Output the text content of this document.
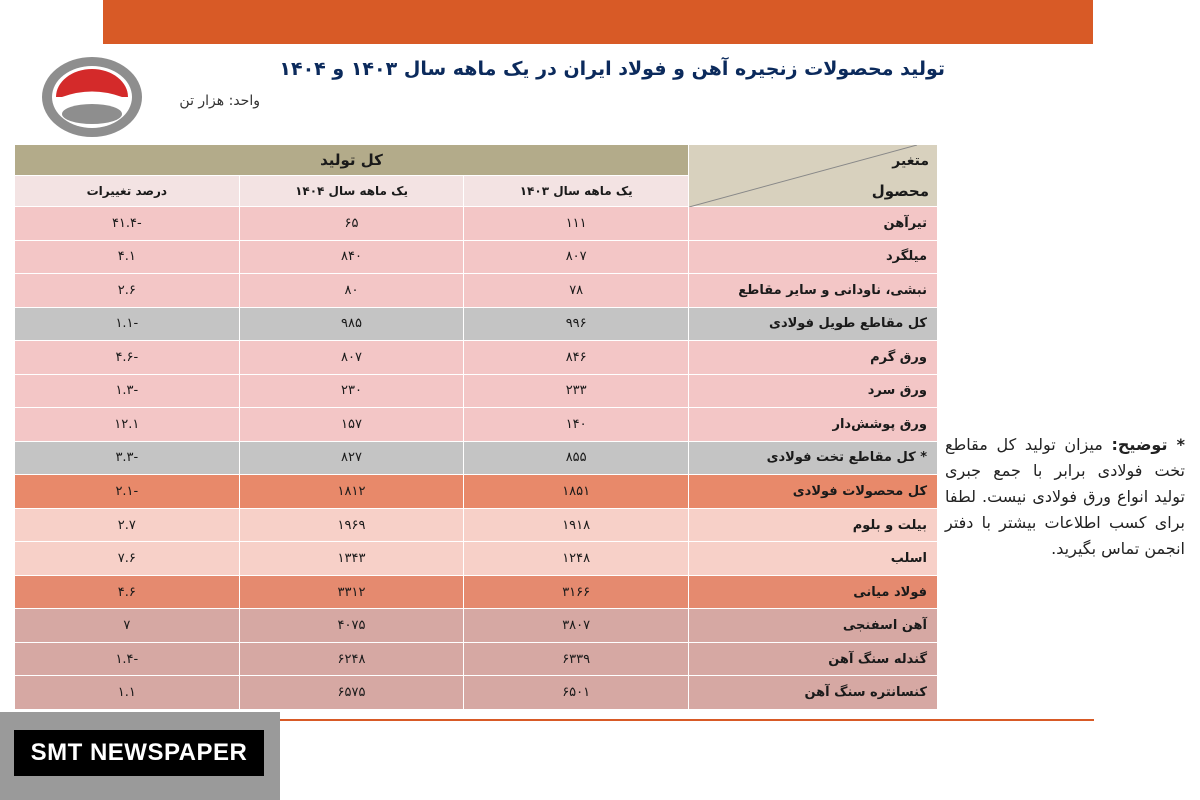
تولید محصولات زنجیره آهن و فولاد ایران در یک ماهه سال ۱۴۰۳ و ۱۴۰۴
واحد: هزار تن
متغیر
محصول	کل تولید		
	یک ماهه سال ۱۴۰۳	یک ماهه سال ۱۴۰۴	درصد تغییرات
تیرآهن	۱۱۱	۶۵	-۴۱.۴
میلگرد	۸۰۷	۸۴۰	۴.۱
نبشی، ناودانی و سایر مقاطع	۷۸	۸۰	۲.۶
کل مقاطع طویل فولادی	۹۹۶	۹۸۵	-۱.۱
ورق گرم	۸۴۶	۸۰۷	-۴.۶
ورق سرد	۲۳۳	۲۳۰	-۱.۳
ورق پوشش‌دار	۱۴۰	۱۵۷	۱۲.۱
* کل مقاطع تخت فولادی	۸۵۵	۸۲۷	-۳.۳
کل محصولات فولادی	۱۸۵۱	۱۸۱۲	-۲.۱
بیلت و بلوم	۱۹۱۸	۱۹۶۹	۲.۷
اسلب	۱۲۴۸	۱۳۴۳	۷.۶
فولاد میانی	۳۱۶۶	۳۳۱۲	۴.۶
آهن اسفنجی	۳۸۰۷	۴۰۷۵	۷
گندله سنگ آهن	۶۳۳۹	۶۲۴۸	-۱.۴
کنسانتره سنگ آهن	۶۵۰۱	۶۵۷۵	۱.۱
* توضیح: میزان تولید کل مقاطع تخت فولادی برابر با جمع جبری تولید انواع ورق فولادی نیست. لطفا برای کسب اطلاعات بیشتر با دفتر انجمن تماس بگیرید.
SMT NEWSPAPER
